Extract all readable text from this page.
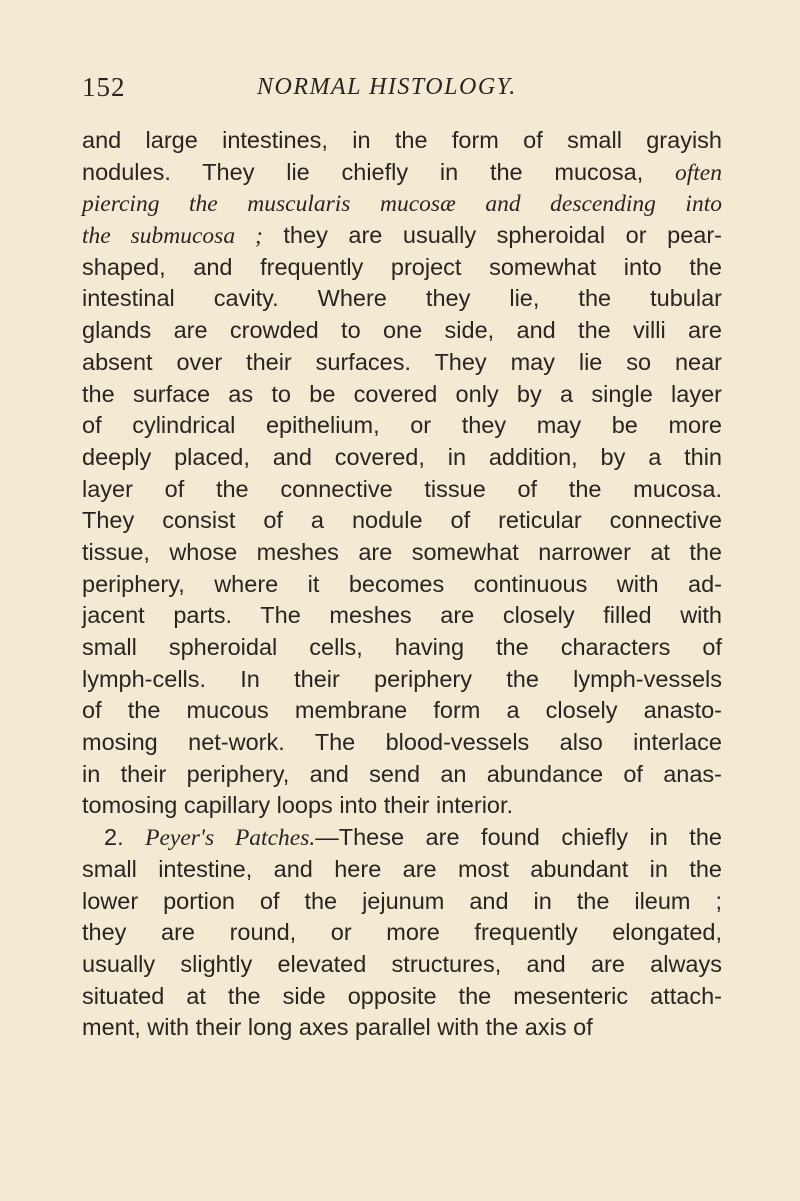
152	NORMAL HISTOLOGY.
and large intestines, in the form of small grayish
nodules. They lie chiefly in the mucosa, often
piercing the muscularis mucosæ and descending into
the submucosa ; they are usually spheroidal or pear-
shaped, and frequently project somewhat into the
intestinal cavity. Where they lie, the tubular
glands are crowded to one side, and the villi are
absent over their surfaces. They may lie so near
the surface as to be covered only by a single layer
of cylindrical epithelium, or they may be more
deeply placed, and covered, in addition, by a thin
layer of the connective tissue of the mucosa.
They consist of a nodule of reticular connective
tissue, whose meshes are somewhat narrower at the
periphery, where it becomes continuous with ad-
jacent parts. The meshes are closely filled with
small spheroidal cells, having the characters of
lymph-cells. In their periphery the lymph-vessels
of the mucous membrane form a closely anasto-
mosing net-work. The blood-vessels also interlace
in their periphery, and send an abundance of anas-
tomosing capillary loops into their interior.
2. Peyer's Patches.—These are found chiefly in the
small intestine, and here are most abundant in the
lower portion of the jejunum and in the ileum ;
they are round, or more frequently elongated,
usually slightly elevated structures, and are always
situated at the side opposite the mesenteric attach-
ment, with their long axes parallel with the axis of
